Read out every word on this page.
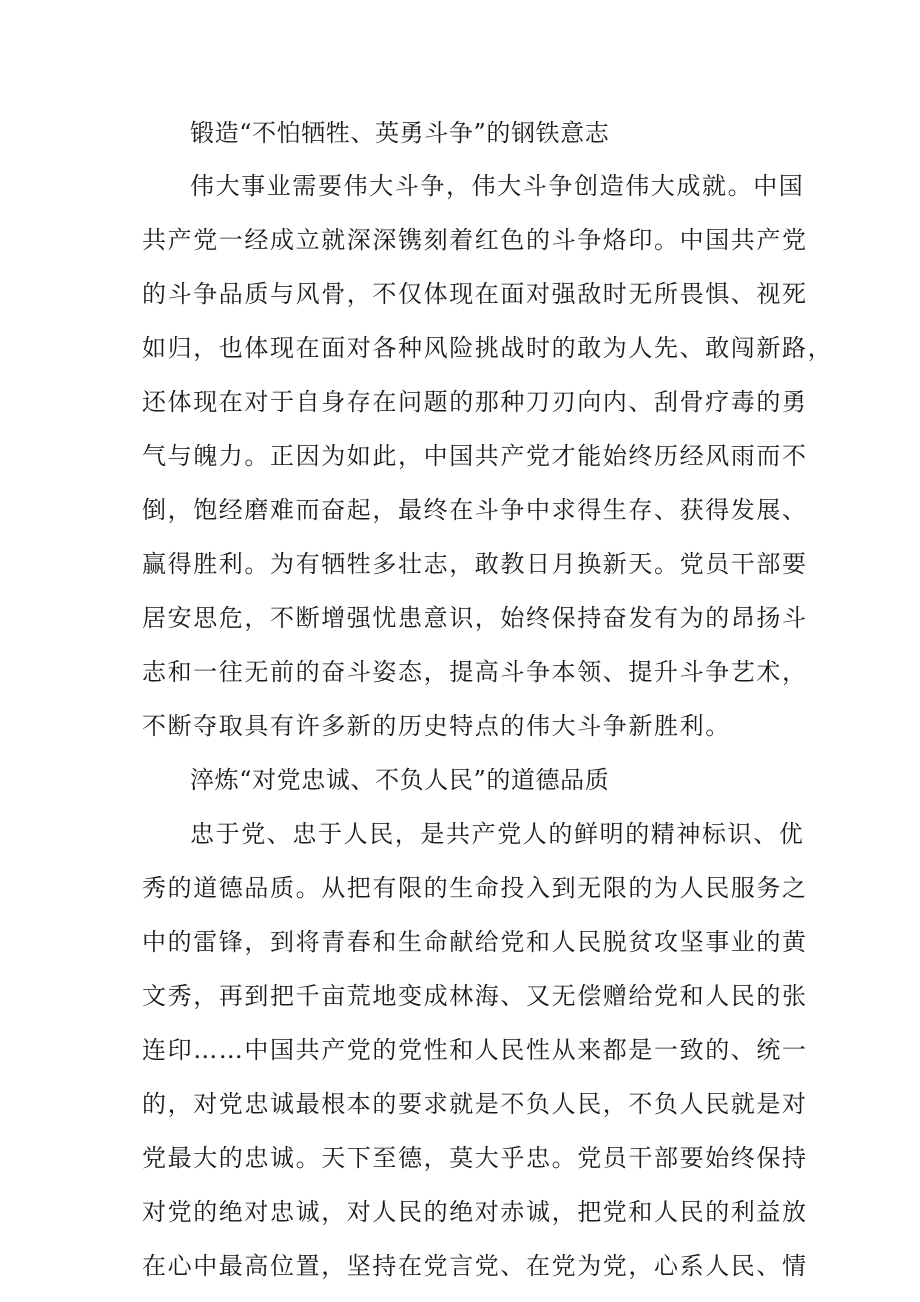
锻造“不怕牺牲、英勇斗争”的钢铁意志
伟大事业需要伟大斗争，伟大斗争创造伟大成就。中国
共产党一经成立就深深镌刻着红色的斗争烙印。中国共产党
的斗争品质与风骨，不仅体现在面对强敌时无所畏惧、视死
如归，也体现在面对各种风险挑战时的敢为人先、敢闯新路，
还体现在对于自身存在问题的那种刀刃向内、刮骨疗毒的勇
气与魄力。正因为如此，中国共产党才能始终历经风雨而不
倒，饱经磨难而奋起，最终在斗争中求得生存、获得发展、
赢得胜利。为有牺牲多壮志，敢教日月换新天。党员干部要
居安思危，不断增强忧患意识，始终保持奋发有为的昂扬斗
志和一往无前的奋斗姿态，提高斗争本领、提升斗争艺术，
不断夺取具有许多新的历史特点的伟大斗争新胜利。
淬炼“对党忠诚、不负人民”的道德品质
忠于党、忠于人民，是共产党人的鲜明的精神标识、优
秀的道德品质。从把有限的生命投入到无限的为人民服务之
中的雷锋，到将青春和生命献给党和人民脱贫攻坚事业的黄
文秀，再到把千亩荒地变成林海、又无偿赠给党和人民的张
连印……中国共产党的党性和人民性从来都是一致的、统一
的，对党忠诚最根本的要求就是不负人民，不负人民就是对
党最大的忠诚。天下至德，莫大乎忠。党员干部要始终保持
对党的绝对忠诚，对人民的绝对赤诚，把党和人民的利益放
在心中最高位置，坚持在党言党、在党为党，心系人民、情
